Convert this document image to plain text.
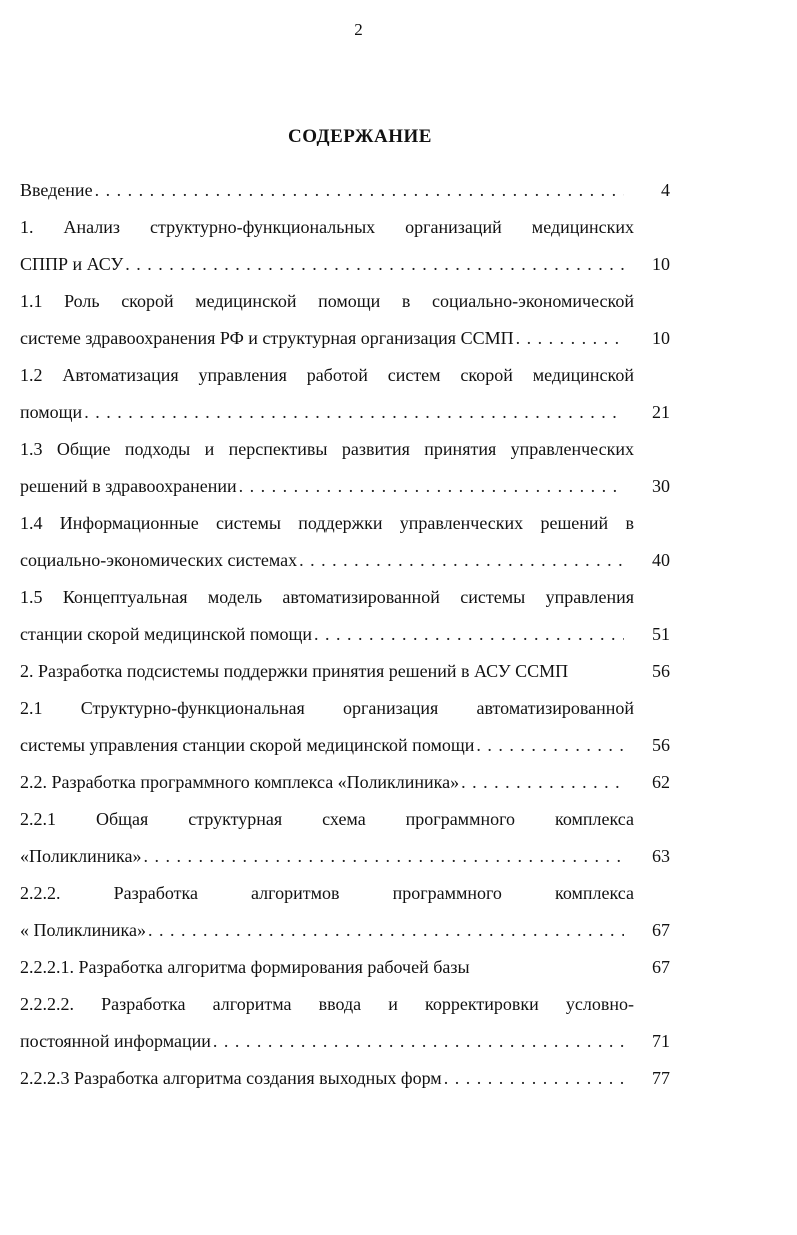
2
СОДЕРЖАНИЕ
Введение . . .	4
1. Анализ структурно-функциональных организаций медицинских
СППР и АСУ . . .	10
1.1 Роль скорой медицинской помощи в социально-экономической
системе здравоохранения РФ и структурная организация ССМП . . .	10
1.2 Автоматизация управления работой систем скорой медицинской
помощи . . .	21
1.3 Общие подходы и перспективы развития принятия управленческих
решений в здравоохранении . . .	30
1.4 Информационные системы поддержки управленческих решений в
социально-экономических системах . . .	40
1.5 Концептуальная модель автоматизированной системы управления
станции скорой медицинской помощи . . .	51
2. Разработка подсистемы поддержки принятия решений в АСУ ССМП	56
2.1 Структурно-функциональная организация автоматизированной
системы управления станции скорой медицинской помощи . . .	56
2.2. Разработка программного комплекса «Поликлиника» . . .	62
2.2.1 Общая структурная схема программного комплекса
«Поликлиника» . . .	63
2.2.2. Разработка алгоритмов программного комплекса
« Поликлиника» . . .	67
2.2.2.1. Разработка алгоритма формирования рабочей базы	67
2.2.2.2. Разработка алгоритма ввода и корректировки условно-
постоянной информации . . .	71
2.2.2.3 Разработка алгоритма создания выходных форм . . .	77
